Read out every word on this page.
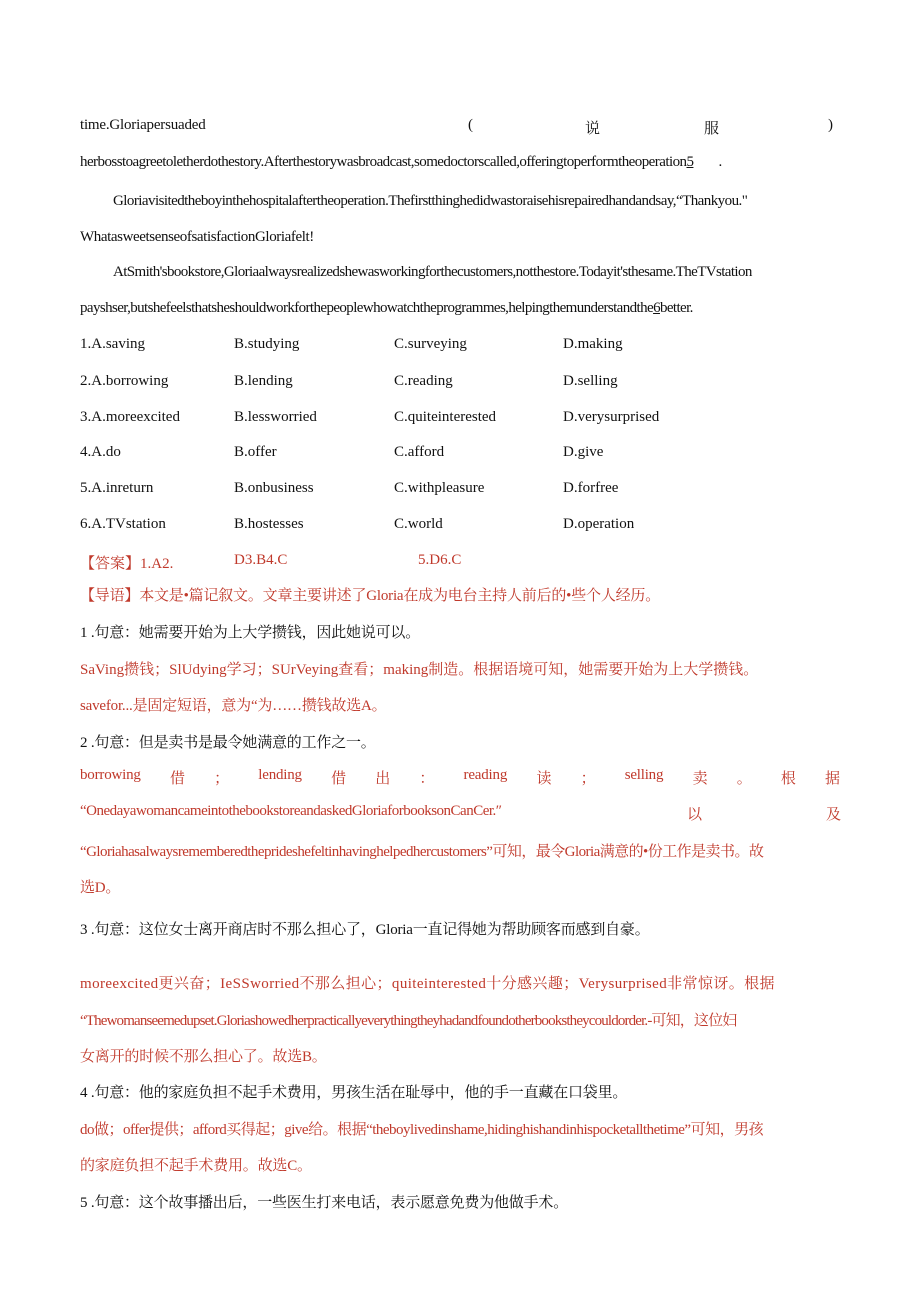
time.Gloriapersuaded	(	说	服	)
herbosstoagreetoletherdothestory.Afterthestorywasbroadcast,somedoctorscalled,offeringtoperformtheoperation5 .
Gloriavisitedtheboyinthehospitalaftertheoperation.Thefirstthinghedidwastoraisehisrepairedhandandsay,“Thankyou."
WhatasweetsenseofsatisfactionGloriafelt!
AtSmith'sbookstore,Gloriaalwaysrealizedshewasworkingforthecustomers,notthestore.Todayit'sthesame.TheTVstation
payshser,butshefeelsthatsheshouldworkforthepeoplewhowatchtheprogrammes,helpingthemunderstandthe6better.
1.A.saving	B.studying	C.surveying	D.making
2.A.borrowing	B.lending	C.reading	D.selling
3.A.moreexcited	B.lessworried	C.quiteinterested	D.verysurprised
4.A.do	B.offer	C.afford	D.give
5.A.inreturn	B.onbusiness	C.withpleasure	D.forfree
6.A.TVstation	B.hostesses	C.world	D.operation
【答案】1.A2.	D3.B4.C	5.D6.C
【导语】本文是•篇记叙文。文章主要讲述了Gloria在成为电台主持人前后的•些个人经历。
1 .句意：她需要开始为上大学攒钱，因此她说可以。
SaVing攒钱；SlUdying学习；SUrVeying查看；making制造。根据语境可知，她需要开始为上大学攒钱。
savefor...是固定短语，意为“为……攒钱故选A。
2 .句意：但是卖书是最令她满意的工作之一。
borrowing 借 ； lending 借 出 ： reading 读 ； selling 卖 。 根 据
“OnedayawomancameintothebookstoreandaskedGloriaforbooksonCanCer.″	以	及
“Gloriahasalwaysrememberedtheprideshefeltinhavinghelpedhercustomers”可知，最令Gloria满意的•份工作是卖书。故
选D。
3 .句意：这位女士离开商店时不那么担心了，Gloria一直记得她为帮助顾客而感到自豪。
moreexcited更兴奋；IeSSworried不那么担心；quiteinterested十分感兴趣；Verysurprised非常惊讶。根据
“Thewomanseemedupset.Gloriashowedherpracticallyeverythingtheyhadandfoundotherbookstheycouldorder.-可知，这位妇
女离开的时候不那么担心了。故选B。
4 .句意：他的家庭负担不起手术费用，男孩生活在耻辱中，他的手一直藏在口袋里。
do做；offer提供；afford买得起；give给。根据“theboylivedinshame,hidinghishandinhispocketallthetime”可知，男孩
的家庭负担不起手术费用。故选C。
5 .句意：这个故事播出后，一些医生打来电话，表示愿意免费为他做手术。
